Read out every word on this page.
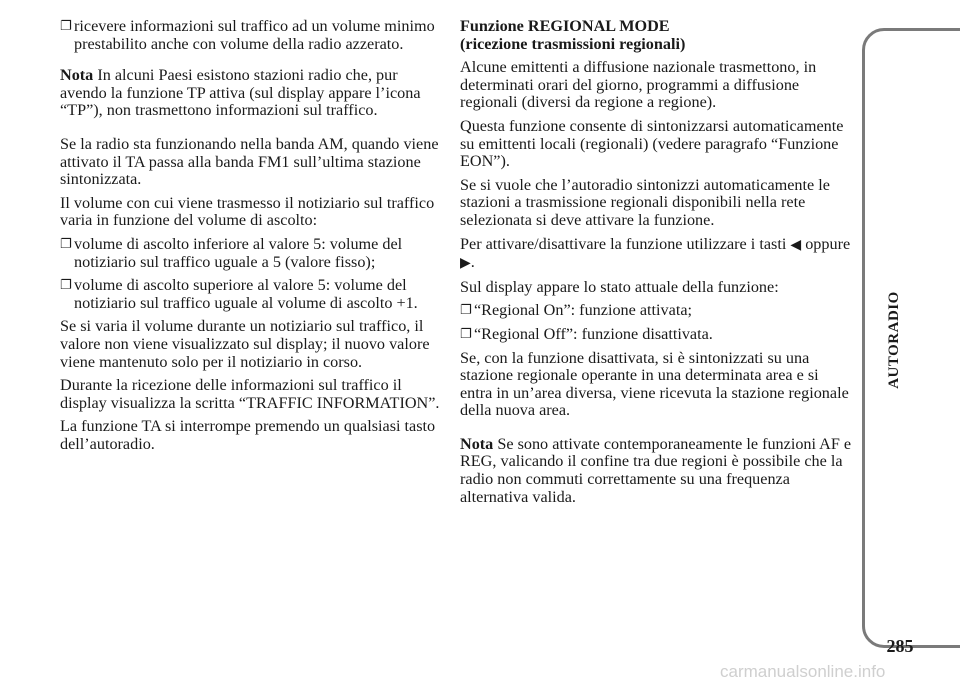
❐ ricevere informazioni sul traffico ad un volume minimo prestabilito anche con volume della radio azzerato.

Nota In alcuni Paesi esistono stazioni radio che, pur avendo la funzione TP attiva (sul display appare l’icona “TP”), non trasmettono informazioni sul traffico.

Se la radio sta funzionando nella banda AM, quando viene attivato il TA passa alla banda FM1 sull’ultima stazione sintonizzata.

Il volume con cui viene trasmesso il notiziario sul traffico varia in funzione del volume di ascolto:

❐ volume di ascolto inferiore al valore 5: volume del notiziario sul traffico uguale a 5 (valore fisso);
❐ volume di ascolto superiore al valore 5: volume del notiziario sul traffico uguale al volume di ascolto +1.

Se si varia il volume durante un notiziario sul traffico, il valore non viene visualizzato sul display; il nuovo valore viene mantenuto solo per il notiziario in corso.

Durante la ricezione delle informazioni sul traffico il display visualizza la scritta “TRAFFIC INFORMATION”.

La funzione TA si interrompe premendo un qualsiasi tasto dell’autoradio.

Funzione REGIONAL MODE
(ricezione trasmissioni regionali)

Alcune emittenti a diffusione nazionale trasmettono, in determinati orari del giorno, programmi a diffusione regionali (diversi da regione a regione).

Questa funzione consente di sintonizzarsi automaticamente su emittenti locali (regionali) (vedere paragrafo “Funzione EON”).

Se si vuole che l’autoradio sintonizzi automaticamente le stazioni a trasmissione regionali disponibili nella rete selezionata si deve attivare la funzione.

Per attivare/disattivare la funzione utilizzare i tasti ◀ oppure ▶.

Sul display appare lo stato attuale della funzione:

❐ “Regional On”: funzione attivata;
❐ “Regional Off”: funzione disattivata.

Se, con la funzione disattivata, si è sintonizzati su una stazione regionale operante in una determinata area e si entra in un’area diversa, viene ricevuta la stazione regionale della nuova area.

Nota Se sono attivate contemporaneamente le funzioni AF e REG, valicando il confine tra due regioni è possibile che la radio non commuti correttamente su una frequenza alternativa valida.

AUTORADIO
285
carmanualsonline.info
